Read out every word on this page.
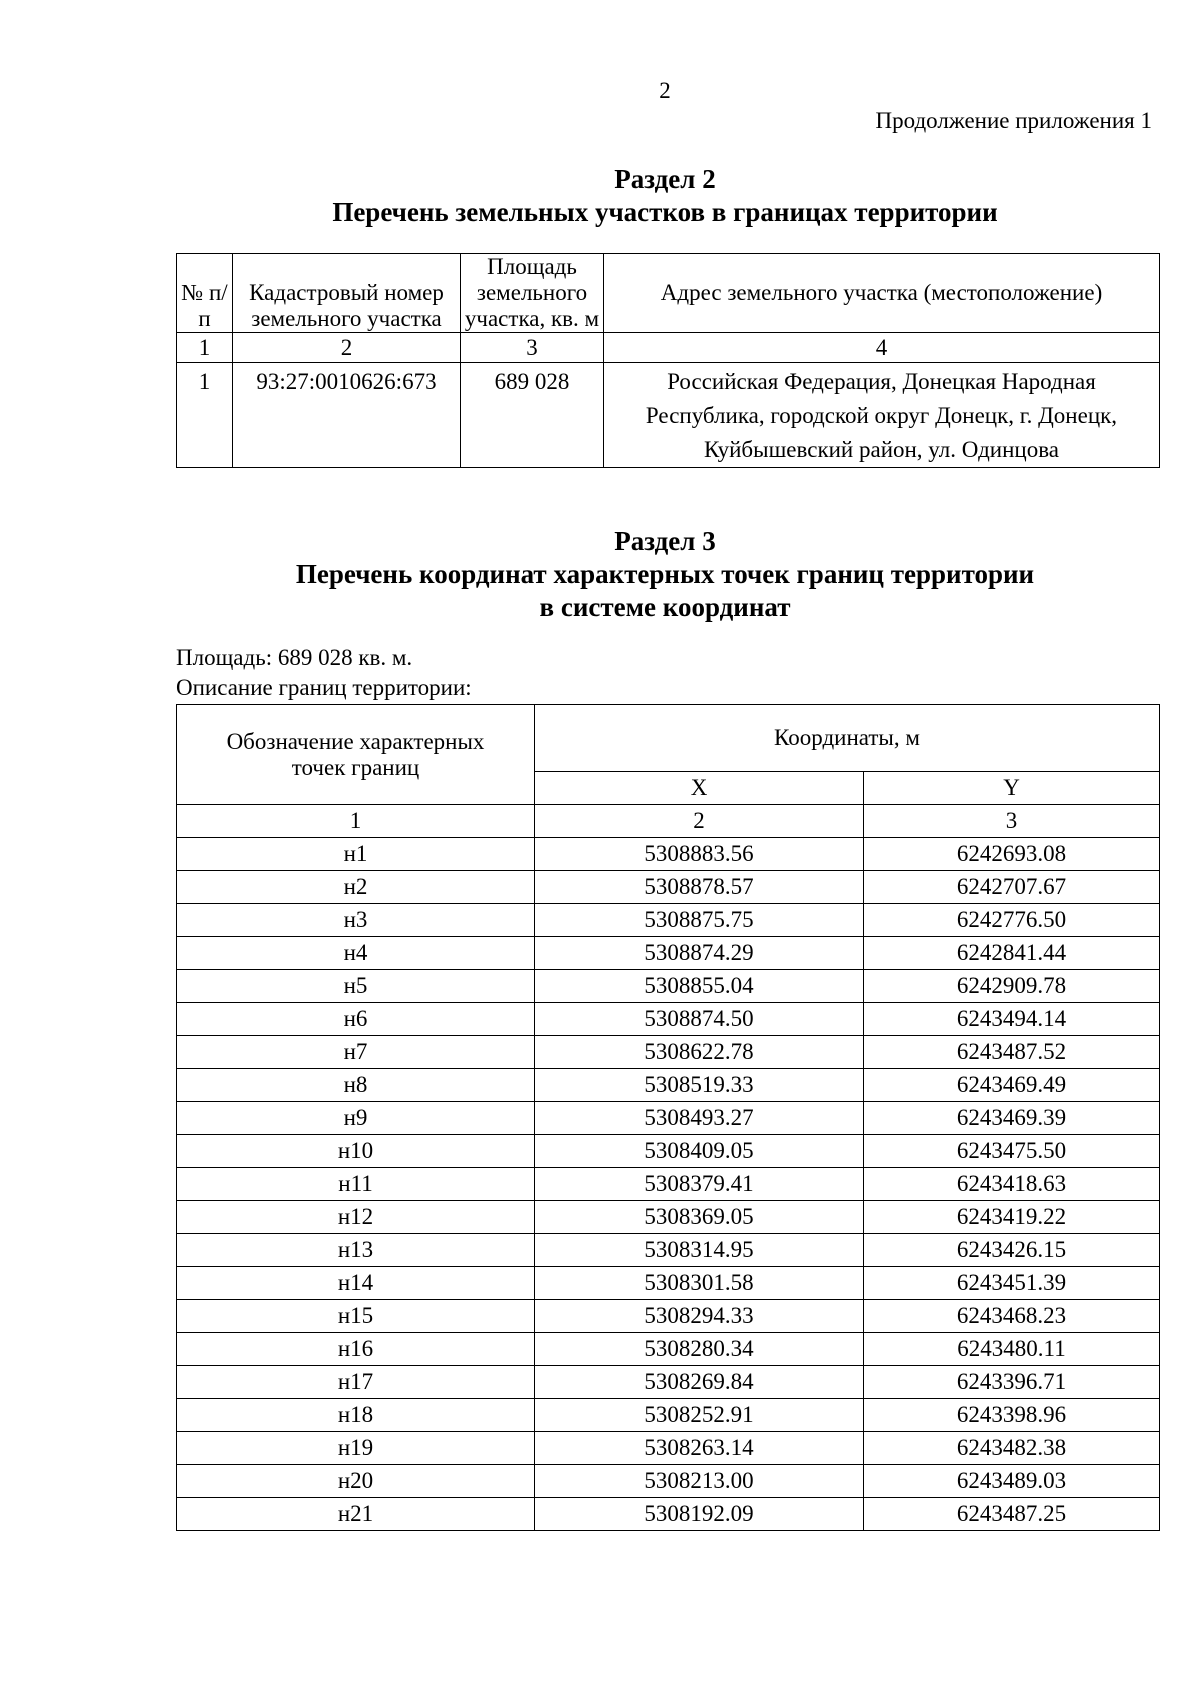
2
Продолжение приложения 1
Раздел 2
Перечень земельных участков в границах территории
№ п/п	Кадастровый номер земельного участка	Площадь земельного участка, кв. м	Адрес земельного участка (местоположение)
1	2	3	4
1	93:27:0010626:673	689 028	Российская Федерация, Донецкая Народная Республика, городской округ Донецк, г. Донецк, Куйбышевский район, ул. Одинцова
Раздел 3
Перечень координат характерных точек границ территории
в системе координат
Площадь: 689 028 кв. м.
Описание границ территории:
Обозначение характерных точек границ	Координаты, м	
	X	Y
1	2	3
н1	5308883.56	6242693.08
н2	5308878.57	6242707.67
н3	5308875.75	6242776.50
н4	5308874.29	6242841.44
н5	5308855.04	6242909.78
н6	5308874.50	6243494.14
н7	5308622.78	6243487.52
н8	5308519.33	6243469.49
н9	5308493.27	6243469.39
н10	5308409.05	6243475.50
н11	5308379.41	6243418.63
н12	5308369.05	6243419.22
н13	5308314.95	6243426.15
н14	5308301.58	6243451.39
н15	5308294.33	6243468.23
н16	5308280.34	6243480.11
н17	5308269.84	6243396.71
н18	5308252.91	6243398.96
н19	5308263.14	6243482.38
н20	5308213.00	6243489.03
н21	5308192.09	6243487.25
